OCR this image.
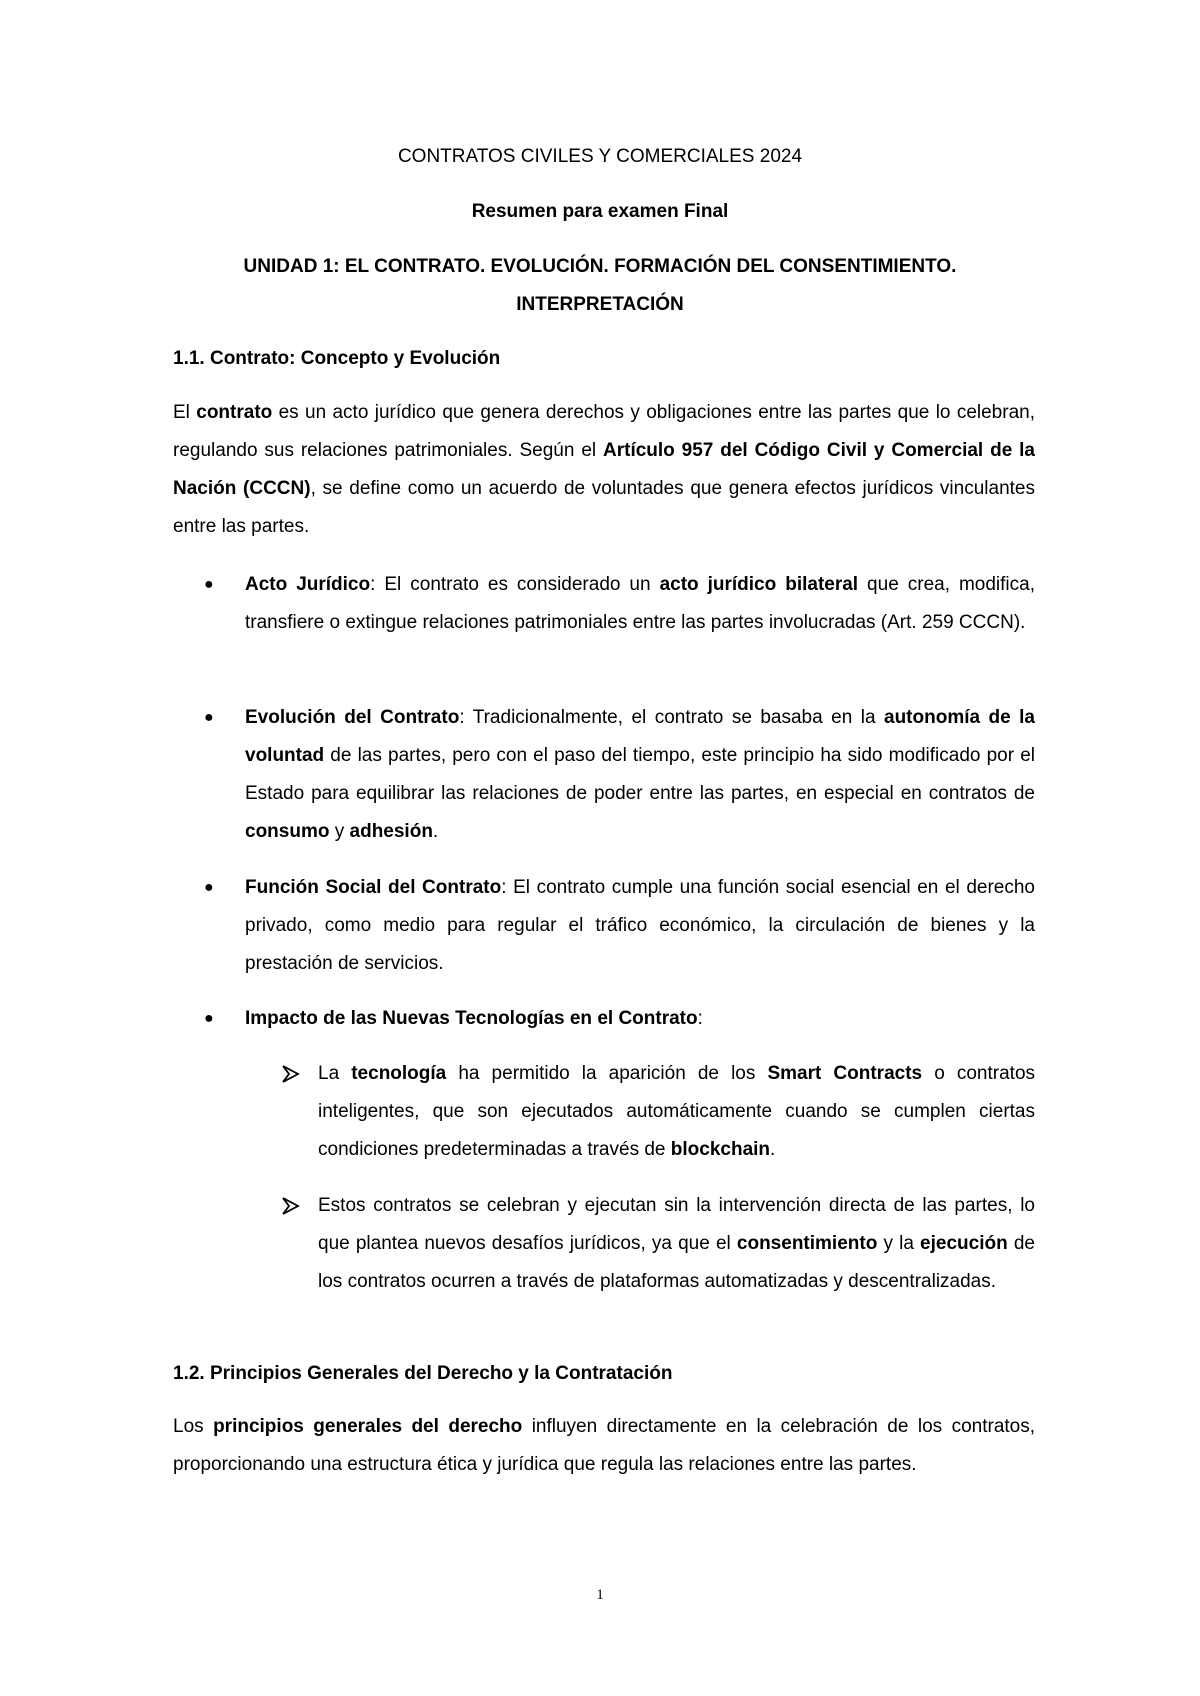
CONTRATOS CIVILES Y COMERCIALES 2024
Resumen para examen Final
UNIDAD 1: EL CONTRATO. EVOLUCIÓN. FORMACIÓN DEL CONSENTIMIENTO.
INTERPRETACIÓN
1.1. Contrato: Concepto y Evolución
El contrato es un acto jurídico que genera derechos y obligaciones entre las partes que lo celebran, regulando sus relaciones patrimoniales. Según el Artículo 957 del Código Civil y Comercial de la Nación (CCCN), se define como un acuerdo de voluntades que genera efectos jurídicos vinculantes entre las partes.
● Acto Jurídico: El contrato es considerado un acto jurídico bilateral que crea, modifica, transfiere o extingue relaciones patrimoniales entre las partes involucradas (Art. 259 CCCN).
● Evolución del Contrato: Tradicionalmente, el contrato se basaba en la autonomía de la voluntad de las partes, pero con el paso del tiempo, este principio ha sido modificado por el Estado para equilibrar las relaciones de poder entre las partes, en especial en contratos de consumo y adhesión.
● Función Social del Contrato: El contrato cumple una función social esencial en el derecho privado, como medio para regular el tráfico económico, la circulación de bienes y la prestación de servicios.
● Impacto de las Nuevas Tecnologías en el Contrato:
La tecnología ha permitido la aparición de los Smart Contracts o contratos inteligentes, que son ejecutados automáticamente cuando se cumplen ciertas condiciones predeterminadas a través de blockchain.
Estos contratos se celebran y ejecutan sin la intervención directa de las partes, lo que plantea nuevos desafíos jurídicos, ya que el consentimiento y la ejecución de los contratos ocurren a través de plataformas automatizadas y descentralizadas.
1.2. Principios Generales del Derecho y la Contratación
Los principios generales del derecho influyen directamente en la celebración de los contratos, proporcionando una estructura ética y jurídica que regula las relaciones entre las partes.
1
